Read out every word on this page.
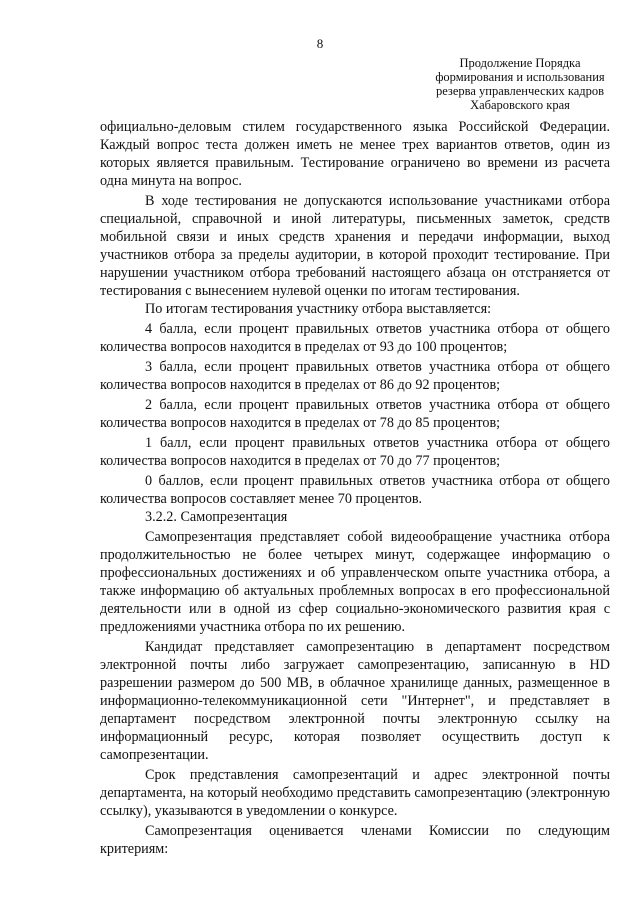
8
Продолжение Порядка
формирования и использования
резерва управленческих кадров
Хабаровского края

официально-деловым стилем государственного языка Российской Федерации. Каждый вопрос теста должен иметь не менее трех вариантов ответов, один из которых является правильным. Тестирование ограничено во времени из расчета одна минута на вопрос.

В ходе тестирования не допускаются использование участниками отбора специальной, справочной и иной литературы, письменных заметок, средств мобильной связи и иных средств хранения и передачи информации, выход участников отбора за пределы аудитории, в которой проходит тестирование. При нарушении участником отбора требований настоящего абзаца он отстраняется от тестирования с вынесением нулевой оценки по итогам тестирования.

По итогам тестирования участнику отбора выставляется:

4 балла, если процент правильных ответов участника отбора от общего количества вопросов находится в пределах от 93 до 100 процентов;

3 балла, если процент правильных ответов участника отбора от общего количества вопросов находится в пределах от 86 до 92 процентов;

2 балла, если процент правильных ответов участника отбора от общего количества вопросов находится в пределах от 78 до 85 процентов;

1 балл, если процент правильных ответов участника отбора от общего количества вопросов находится в пределах от 70 до 77 процентов;

0 баллов, если процент правильных ответов участника отбора от общего количества вопросов составляет менее 70 процентов.

3.2.2. Самопрезентация

Самопрезентация представляет собой видеообращение участника отбора продолжительностью не более четырех минут, содержащее информацию о профессиональных достижениях и об управленческом опыте участника отбора, а также информацию об актуальных проблемных вопросах в его профессиональной деятельности или в одной из сфер социально-экономического развития края с предложениями участника отбора по их решению.

Кандидат представляет самопрезентацию в департамент посредством электронной почты либо загружает самопрезентацию, записанную в HD разрешении размером до 500 MB, в облачное хранилище данных, размещенное в информационно-телекоммуникационной сети "Интернет", и представляет в департамент посредством электронной почты электронную ссылку на информационный ресурс, которая позволяет осуществить доступ к самопрезентации.

Срок представления самопрезентаций и адрес электронной почты департамента, на который необходимо представить самопрезентацию (электронную ссылку), указываются в уведомлении о конкурсе.

Самопрезентация оценивается членами Комиссии по следующим критериям:
